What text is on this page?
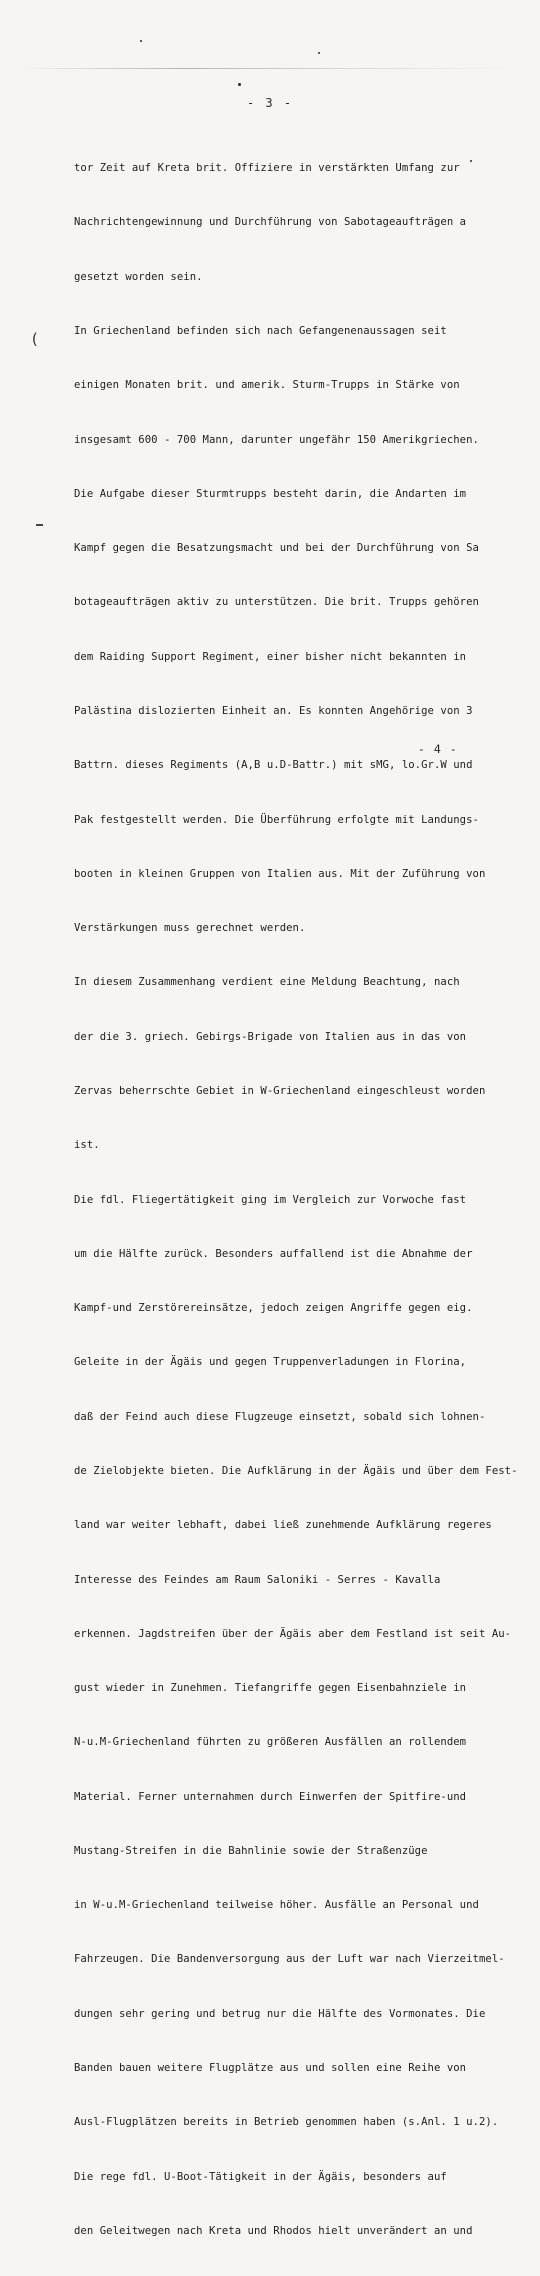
- 3 -

tor Zeit auf Kreta brit. Offiziere in verstärkten Umfang zur

Nachrichtengewinnung und Durchführung von Sabotageaufträgen a

gesetzt worden sein.

In Griechenland befinden sich nach Gefangenenaussagen seit

einigen Monaten brit. und amerik. Sturm-Trupps in Stärke von

insgesamt 600 - 700 Mann, darunter ungefähr 150 Amerikgriechen.

Die Aufgabe dieser Sturmtrupps besteht darin, die Andarten im

Kampf gegen die Besatzungsmacht und bei der Durchführung von Sa

botageaufträgen aktiv zu unterstützen. Die brit. Trupps gehören

dem Raiding Support Regiment, einer bisher nicht bekannten in

Palästina dislozierten Einheit an. Es konnten Angehörige von 3

Battrn. dieses Regiments (A,B u.D-Battr.) mit sMG, lo.Gr.W und

Pak festgestellt werden. Die Überführung erfolgte mit Landungs-

booten in kleinen Gruppen von Italien aus. Mit der Zuführung von

Verstärkungen muss gerechnet werden.

In diesem Zusammenhang verdient eine Meldung Beachtung, nach

der die 3. griech. Gebirgs-Brigade von Italien aus in das von

Zervas beherrschte Gebiet in W-Griechenland eingeschleust worden

ist.

Die fdl. Fliegertätigkeit ging im Vergleich zur Vorwoche fast

um die Hälfte zurück. Besonders auffallend ist die Abnahme der

Kampf-und Zerstörereinsätze, jedoch zeigen Angriffe gegen eig.

Geleite in der Ägäis und gegen Truppenverladungen in Florina,

daß der Feind auch diese Flugzeuge einsetzt, sobald sich lohnen-

de Zielobjekte bieten. Die Aufklärung in der Ägäis und über dem Fest-

land war weiter lebhaft, dabei ließ zunehmende Aufklärung regeres

Interesse des Feindes am Raum Saloniki - Serres - Kavalla

erkennen. Jagdstreifen über der Ägäis aber dem Festland ist seit Au-

gust wieder in Zunehmen. Tiefangriffe gegen Eisenbahnziele in

N-u.M-Griechenland führten zu größeren Ausfällen an rollendem

Material. Ferner unternahmen durch Einwerfen der Spitfire-und

Mustang-Streifen in die Bahnlinie sowie der Straßenzüge

in W-u.M-Griechenland teilweise höher. Ausfälle an Personal und

Fahrzeugen. Die Bandenversorgung aus der Luft war nach Vierzeitmel-

dungen sehr gering und betrug nur die Hälfte des Vormonates. Die

Banden bauen weitere Flugplätze aus und sollen eine Reihe von

Ausl-Flugplätzen bereits in Betrieb genommen haben (s.Anl. 1 u.2).

Die rege fdl. U-Boot-Tätigkeit in der Ägäis, besonders auf

den Geleitwegen nach Kreta und Rhodos hielt unverändert an und

- 4 -
(
